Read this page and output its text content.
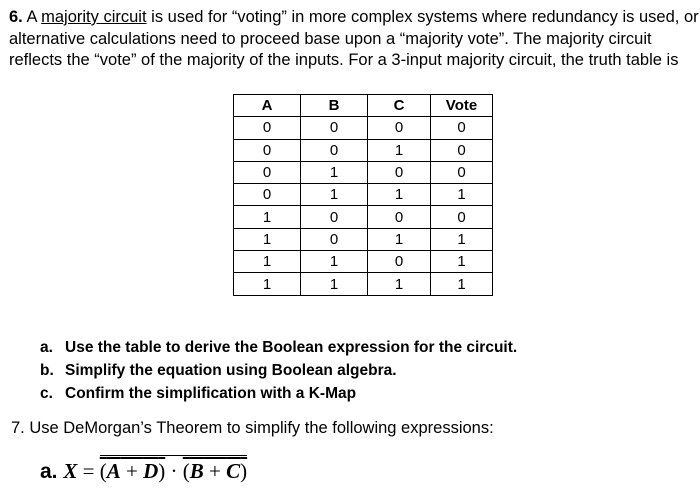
6. A majority circuit is used for “voting” in more complex systems where redundancy is used, or
alternative calculations need to proceed base upon a “majority vote”. The majority circuit
reflects the “vote” of the majority of the inputs. For a 3-input majority circuit, the truth table is
A	B	C	Vote
0	0	0	0
0	0	1	0
0	1	0	0
0	1	1	1
1	0	0	0
1	0	1	1
1	1	0	1
1	1	1	1
a. Use the table to derive the Boolean expression for the circuit.
b. Simplify the equation using Boolean algebra.
c. Confirm the simplification with a K-Map
7. Use DeMorgan’s Theorem to simplify the following expressions:
a. X = (A + D) · (B + C)
